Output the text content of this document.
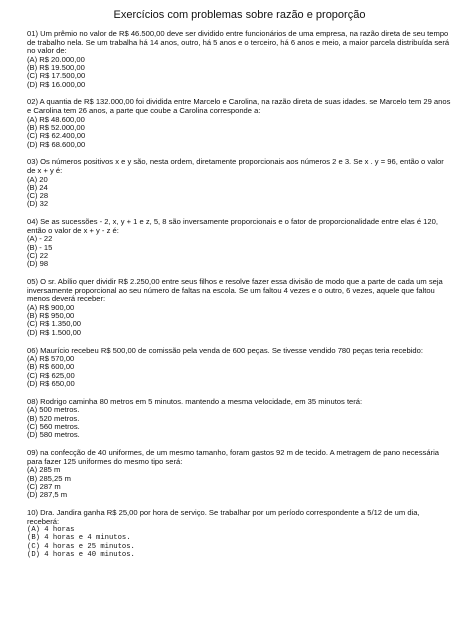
Exercícios com problemas sobre razão e proporção

01) Um prêmio no valor de R$ 46.500,00 deve ser dividido entre funcionários de uma empresa, na razão direta de seu tempo de trabalho nela. Se um trabalha há 14 anos, outro, há 5 anos e o terceiro, há 6 anos e meio, a maior parcela distribuída será no valor de:

(A) R$ 20.000,00
(B) R$ 19.500,00
(C) R$ 17.500,00
(D) R$ 16.000,00

02) A quantia de R$ 132.000,00 foi dividida entre Marcelo e Carolina, na razão direta de suas idades. se Marcelo tem 29 anos e Carolina tem 26 anos, a parte que coube a Carolina corresponde a:

(A) R$ 48.600,00
(B) R$ 52.000,00
(C) R$ 62.400,00
(D) R$ 68.600,00

03) Os números positivos x e y são, nesta ordem, diretamente proporcionais aos números 2 e 3. Se x . y = 96, então o valor de x + y é:

(A) 20
(B) 24
(C) 28
(D) 32

04) Se as sucessões - 2, x, y + 1 e z, 5, 8 são inversamente proporcionais e o fator de proporcionalidade entre elas é 120, então o valor de x + y - z é:

(A) - 22
(B) - 15
(C) 22
(D) 98

05) O sr. Abílio quer dividir R$ 2.250,00 entre seus filhos e resolve fazer essa divisão de modo que a parte de cada um seja inversamente proporcional ao seu número de faltas na escola. Se um faltou 4 vezes e o outro, 6 vezes, aquele que faltou menos deverá receber:

(A) R$ 900,00
(B) R$ 950,00
(C) R$ 1.350,00
(D) R$ 1.500,00

06) Maurício recebeu R$ 500,00 de comissão pela venda de 600 peças. Se tivesse vendido 780 peças teria recebido:

(A) R$ 570,00
(B) R$ 600,00
(C) R$ 625,00
(D) R$ 650,00

08) Rodrigo caminha 80 metros em 5 minutos. mantendo a mesma velocidade, em 35 minutos terá:

(A) 500 metros.
(B) 520 metros.
(C) 560 metros.
(D) 580 metros.

09) na confecção de 40 uniformes, de um mesmo tamanho, foram gastos 92 m de tecido. A metragem de pano necessária para fazer 125 uniformes do mesmo tipo será:

(A) 285 m
(B) 285,25 m
(C) 287 m
(D) 287,5 m

10) Dra. Jandira ganha R$ 25,00 por hora de serviço. Se trabalhar por um período correspondente a 5/12 de um dia, receberá:

(A) 4 horas
(B) 4 horas e 4 minutos.
(C) 4 horas e 25 minutos.
(D) 4 horas e 40 minutos.
